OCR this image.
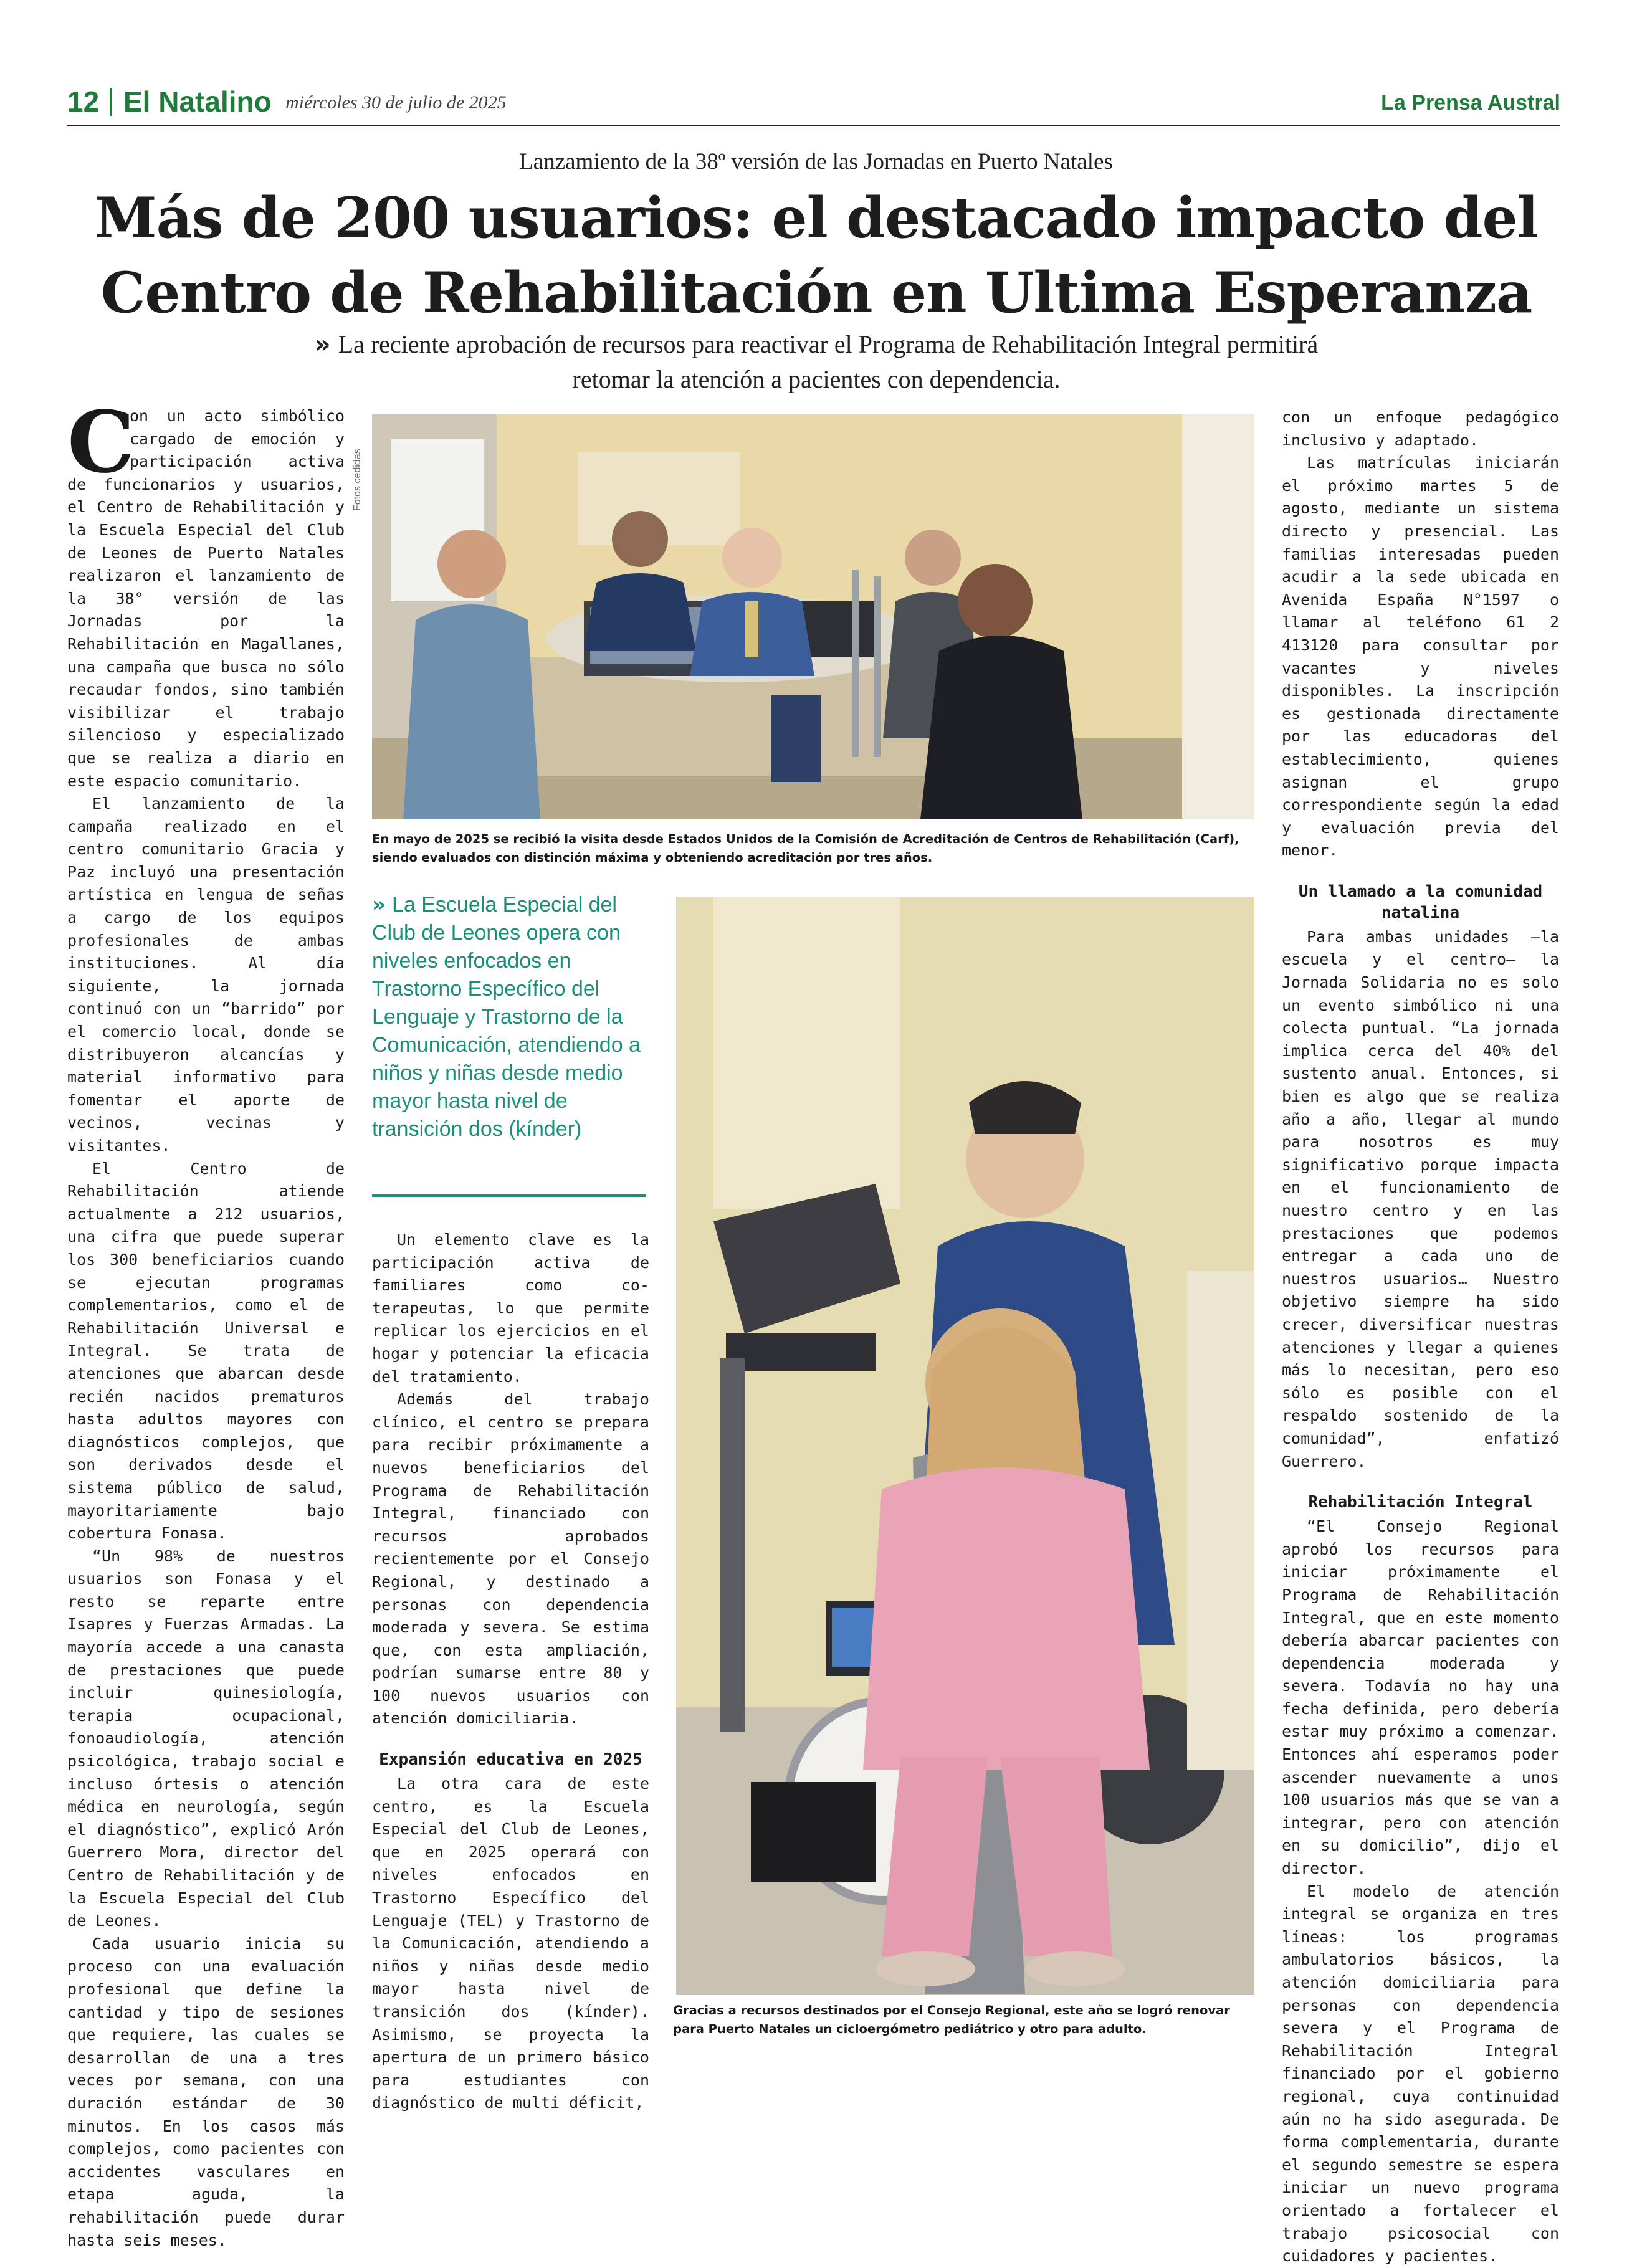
12 El Natalino miércoles 30 de julio de 2025	La Prensa Austral
Lanzamiento de la 38º versión de las Jornadas en Puerto Natales
Más de 200 usuarios: el destacado impacto del
Centro de Rehabilitación en Ultima Esperanza
» La reciente aprobación de recursos para reactivar el Programa de Rehabilitación Integral permitirá retomar la atención a pacientes con dependencia.
C

on un acto simbólico cargado de emoción y participación activa de funcionarios y usuarios, el Centro de Rehabilitación y la Escuela Especial del Club de Leones de Puerto Natales realizaron el lanzamiento de la 38° versión de las Jornadas por la Rehabilitación en Magallanes, una campaña que busca no sólo recaudar fondos, sino también visibilizar el trabajo silencioso y especializado que se realiza a diario en este espacio comunitario.

El lanzamiento de la campaña realizado en el centro comunitario Gracia y Paz incluyó una presentación artística en lengua de señas a cargo de los equipos profesionales de ambas instituciones. Al día siguiente, la jornada continuó con un “barrido” por el comercio local, donde se distribuyeron alcancías y material informativo para fomentar el aporte de vecinos, vecinas y visitantes.

El Centro de Rehabilitación atiende actualmente a 212 usuarios, una cifra que puede superar los 300 beneficiarios cuando se ejecutan programas complementarios, como el de Rehabilitación Universal e Integral. Se trata de atenciones que abarcan desde recién nacidos prematuros hasta adultos mayores con diagnósticos complejos, que son derivados desde el sistema público de salud, mayoritariamente bajo cobertura Fonasa.

“Un 98% de nuestros usuarios son Fonasa y el resto se reparte entre Isapres y Fuerzas Armadas. La mayoría accede a una canasta de prestaciones que puede incluir quinesiología, terapia ocupacional, fonoaudiología, atención psicológica, trabajo social e incluso órtesis o atención médica en neurología, según el diagnóstico”, explicó Arón Guerrero Mora, director del Centro de Rehabilitación y de la Escuela Especial del Club de Leones.

Cada usuario inicia su proceso con una evaluación profesional que define la cantidad y tipo de sesiones que requiere, las cuales se desarrollan de una a tres veces por semana, con una duración estándar de 30 minutos. En los casos más complejos, como pacientes con accidentes vasculares en etapa aguda, la rehabilitación puede durar hasta seis meses.

Fotos cedidas
En mayo de 2025 se recibió la visita desde Estados Unidos de la Comisión de Acreditación de Centros de Rehabilitación (Carf), siendo evaluados con distinción máxima y obteniendo acreditación por tres años.
» La Escuela Especial del Club de Leones opera con niveles enfocados en Trastorno Específico del Lenguaje y Trastorno de la Comunicación, atendiendo a niños y niñas desde medio mayor hasta nivel de transición dos (kínder)

Un elemento clave es la participación activa de familiares como co-terapeutas, lo que permite replicar los ejercicios en el hogar y potenciar la eficacia del tratamiento.

Además del trabajo clínico, el centro se prepara para recibir próximamente a nuevos beneficiarios del Programa de Rehabilitación Integral, financiado con recursos aprobados recientemente por el Consejo Regional, y destinado a personas con dependencia moderada y severa. Se estima que, con esta ampliación, podrían sumarse entre 80 y 100 nuevos usuarios con atención domiciliaria.

Expansión educativa en 2025

La otra cara de este centro, es la Escuela Especial del Club de Leones, que en 2025 operará con niveles enfocados en Trastorno Específico del Lenguaje (TEL) y Trastorno de la Comunicación, atendiendo a niños y niñas desde medio mayor hasta nivel de transición dos (kínder). Asimismo, se proyecta la apertura de un primero básico para estudiantes con diagnóstico de multi déficit,

Gracias a recursos destinados por el Consejo Regional, este año se logró renovar para Puerto Natales un cicloergómetro pediátrico y otro para adulto.

con un enfoque pedagógico inclusivo y adaptado.

Las matrículas iniciarán el próximo martes 5 de agosto, mediante un sistema directo y presencial. Las familias interesadas pueden acudir a la sede ubicada en Avenida España N°1597 o llamar al teléfono 61 2 413120 para consultar por vacantes y niveles disponibles. La inscripción es gestionada directamente por las educadoras del establecimiento, quienes asignan el grupo correspondiente según la edad y evaluación previa del menor.

Un llamado a la comunidad natalina

Para ambas unidades —la escuela y el centro— la Jornada Solidaria no es solo un evento simbólico ni una colecta puntual. “La jornada implica cerca del 40% del sustento anual. Entonces, si bien es algo que se realiza año a año, llegar al mundo para nosotros es muy significativo porque impacta en el funcionamiento de nuestro centro y en las prestaciones que podemos entregar a cada uno de nuestros usuarios… Nuestro objetivo siempre ha sido crecer, diversificar nuestras atenciones y llegar a quienes más lo necesitan, pero eso sólo es posible con el respaldo sostenido de la comunidad”, enfatizó Guerrero.

Rehabilitación Integral

“El Consejo Regional aprobó los recursos para iniciar próximamente el Programa de Rehabilitación Integral, que en este momento debería abarcar pacientes con dependencia moderada y severa. Todavía no hay una fecha definida, pero debería estar muy próximo a comenzar. Entonces ahí esperamos poder ascender nuevamente a unos 100 usuarios más que se van a integrar, pero con atención en su domicilio”, dijo el director.

El modelo de atención integral se organiza en tres líneas: los programas ambulatorios básicos, la atención domiciliaria para personas con dependencia severa y el Programa de Rehabilitación Integral financiado por el gobierno regional, cuya continuidad aún no ha sido asegurada. De forma complementaria, durante el segundo semestre se espera iniciar un nuevo programa orientado a fortalecer el trabajo psicosocial con cuidadores y pacientes.
